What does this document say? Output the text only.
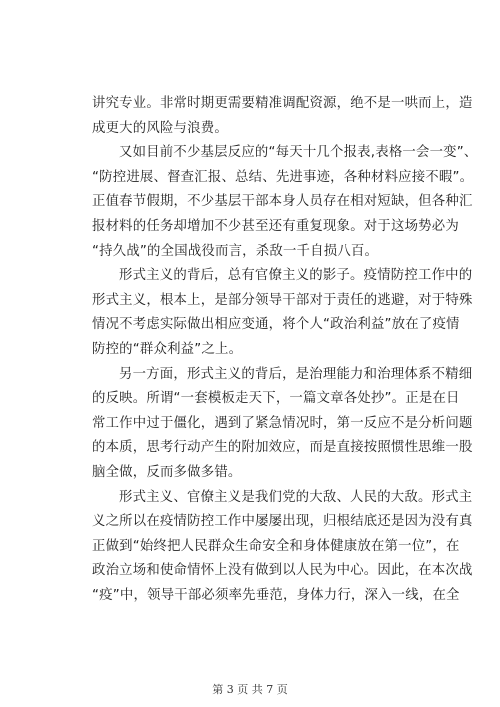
讲究专业。非常时期更需要精准调配资源，绝不是一哄而上，造
成更大的风险与浪费。
又如目前不少基层反应的“每天十几个报表,表格一会一变”、
“防控进展、督查汇报、总结、先进事迹，各种材料应接不暇”。
正值春节假期，不少基层干部本身人员存在相对短缺，但各种汇
报材料的任务却增加不少甚至还有重复现象。对于这场势必为
“持久战”的全国战役而言，杀敌一千自损八百。
形式主义的背后，总有官僚主义的影子。疫情防控工作中的
形式主义，根本上，是部分领导干部对于责任的逃避，对于特殊
情况不考虑实际做出相应变通，将个人“政治利益”放在了疫情
防控的“群众利益”之上。
另一方面，形式主义的背后，是治理能力和治理体系不精细
的反映。所谓“一套模板走天下，一篇文章各处抄”。正是在日
常工作中过于僵化，遇到了紧急情况时，第一反应不是分析问题
的本质，思考行动产生的附加效应，而是直接按照惯性思维一股
脑全做，反而多做多错。
形式主义、官僚主义是我们党的大敌、人民的大敌。形式主
义之所以在疫情防控工作中屡屡出现，归根结底还是因为没有真
正做到“始终把人民群众生命安全和身体健康放在第一位”，在
政治立场和使命情怀上没有做到以人民为中心。因此，在本次战
“疫”中，领导干部必须率先垂范，身体力行，深入一线，在全
第 3 页 共 7 页
